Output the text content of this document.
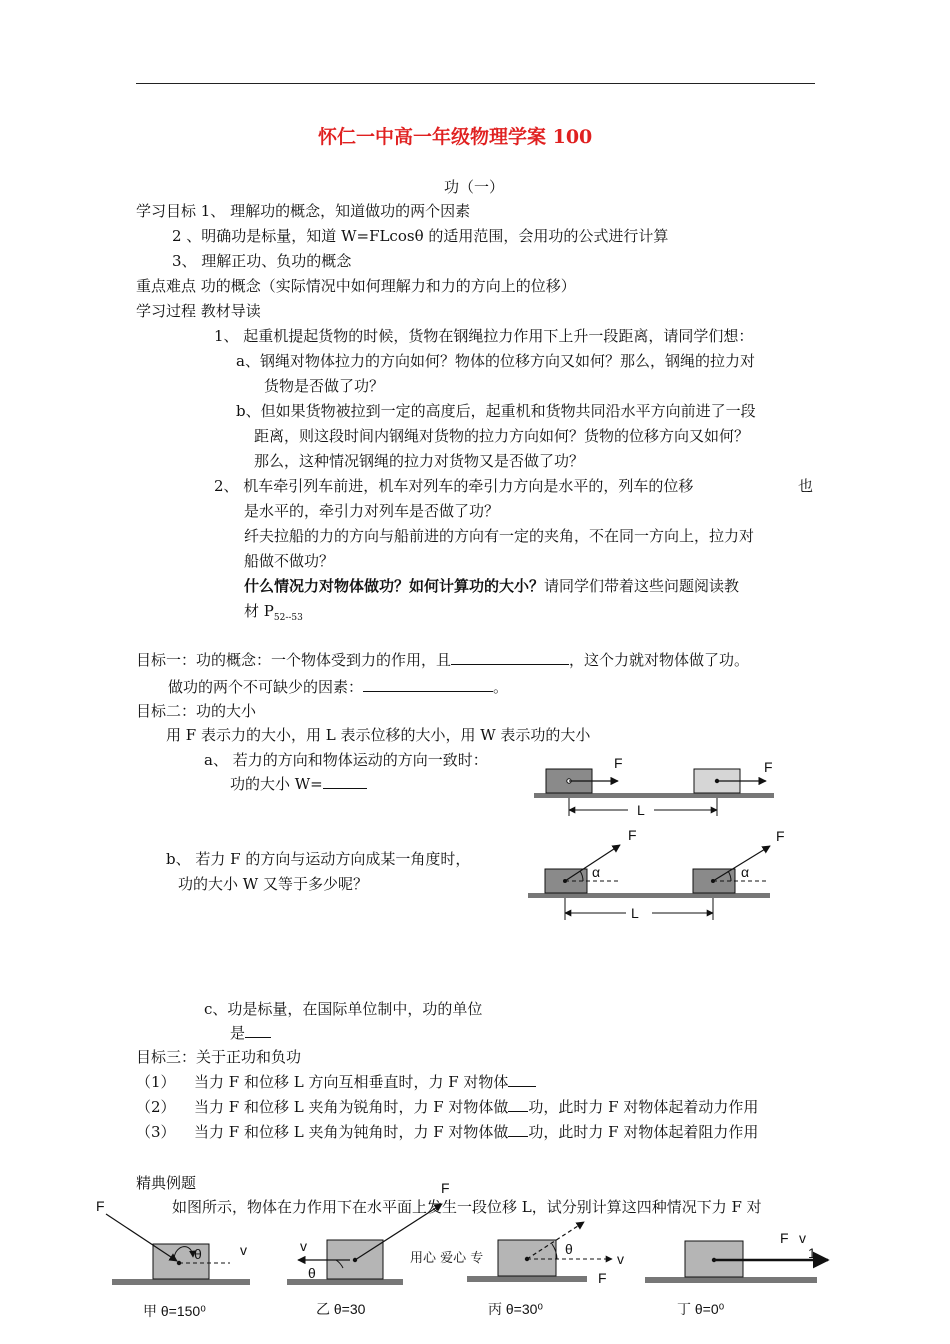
怀仁一中高一年级物理学案 100
功（一）
学习目标 1、 理解功的概念，知道做功的两个因素
2 、明确功是标量，知道 W=FLcosθ 的适用范围，会用功的公式进行计算
3、 理解正功、负功的概念
重点难点 功的概念（实际情况中如何理解力和力的方向上的位移）
学习过程 教材导读
1、 起重机提起货物的时候，货物在钢绳拉力作用下上升一段距离，请同学们想：
a、钢绳对物体拉力的方向如何？物体的位移方向又如何？那么，钢绳的拉力对
货物是否做了功？
b、但如果货物被拉到一定的高度后，起重机和货物共同沿水平方向前进了一段
距离，则这段时间内钢绳对货物的拉力方向如何？货物的位移方向又如何？
那么，这种情况钢绳的拉力对货物又是否做了功？
2、 机车牵引列车前进，机车对列车的牵引力方向是水平的，列车的位移	也
是水平的，牵引力对列车是否做了功？
纤夫拉船的力的方向与船前进的方向有一定的夹角，不在同一方向上，拉力对
船做不做功？
什么情况力对物体做功？如何计算功的大小？请同学们带着这些问题阅读教
材 $P_{52--53}$
目标一：功的概念：一个物体受到力的作用，且	，这个力就对物体做了功。
做功的两个不可缺少的因素：	。
目标二：功的大小
用 F 表示力的大小，用 L 表示位移的大小，用 W 表示功的大小
a、 若力的方向和物体运动的方向一致时：
功的大小 W=
b、 若力 F 的方向与运动方向成某一角度时，
功的大小 W 又等于多少呢？
c、功是标量，在国际单位制中，功的单位
是
目标三：关于正功和负功
（1） 当力 F 和位移 L 方向互相垂直时，力 F 对物体
（2） 当力 F 和位移 L 夹角为锐角时，力 F 对物体做 功，此时力 F 对物体起着动力作用
（3） 当力 F 和位移 L 夹角为钝角时，力 F 对物体做 功，此时力 F 对物体起着阻力作用
精典例题
如图所示，物体在力作用下在水平面上发生一段位移 L，试分别计算这四种情况下力 F 对
用心 爱心 专
甲 θ=150⁰	乙 θ=30	丙 θ=30⁰	丁 θ=0⁰
F	F
L
α
F
α
F
L
F
θ	v
F
v
θ
θ
v
F
F v
1
